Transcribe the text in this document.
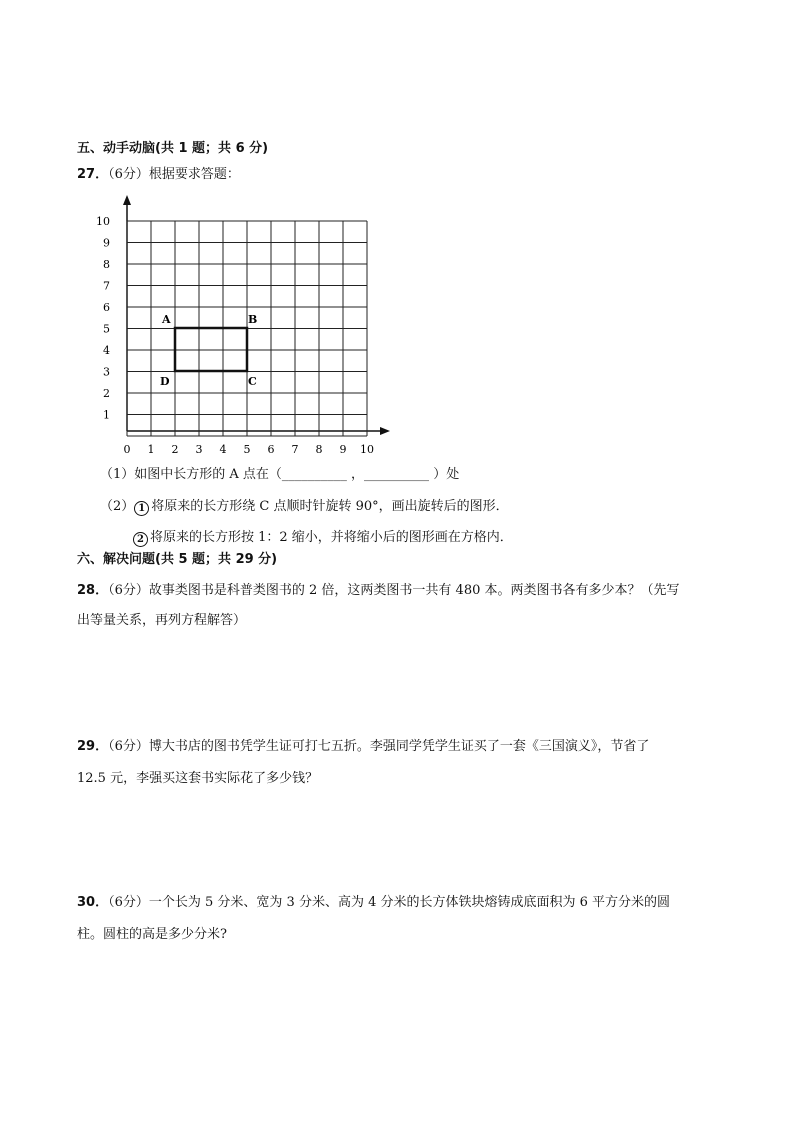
五、动手动脑(共 1 题；共 6 分)
27．（6分）根据要求答题：
A	B
C
D
10
9
8
7
6
5
4
3
2
1
0 1 2 3 4 5 6 7 8 9 10
（1）如图中长方形的 A 点在（__________ ，__________ ）处
（2） 1 将原来的长方形绕 C 点顺时针旋转 90°，画出旋转后的图形．
2 将原来的长方形按 1：2 缩小，并将缩小后的图形画在方格内．
六、解决问题(共 5 题；共 29 分)
28．（6分）故事类图书是科普类图书的 2 倍，这两类图书一共有 480 本。两类图书各有多少本？（先写
出等量关系，再列方程解答）
29．（6分）博大书店的图书凭学生证可打七五折。李强同学凭学生证买了一套《三国演义》，节省了
12.5 元，李强买这套书实际花了多少钱？
30．（6分）一个长为 5 分米、宽为 3 分米、高为 4 分米的长方体铁块熔铸成底面积为 6 平方分米的圆
柱。圆柱的高是多少分米?
